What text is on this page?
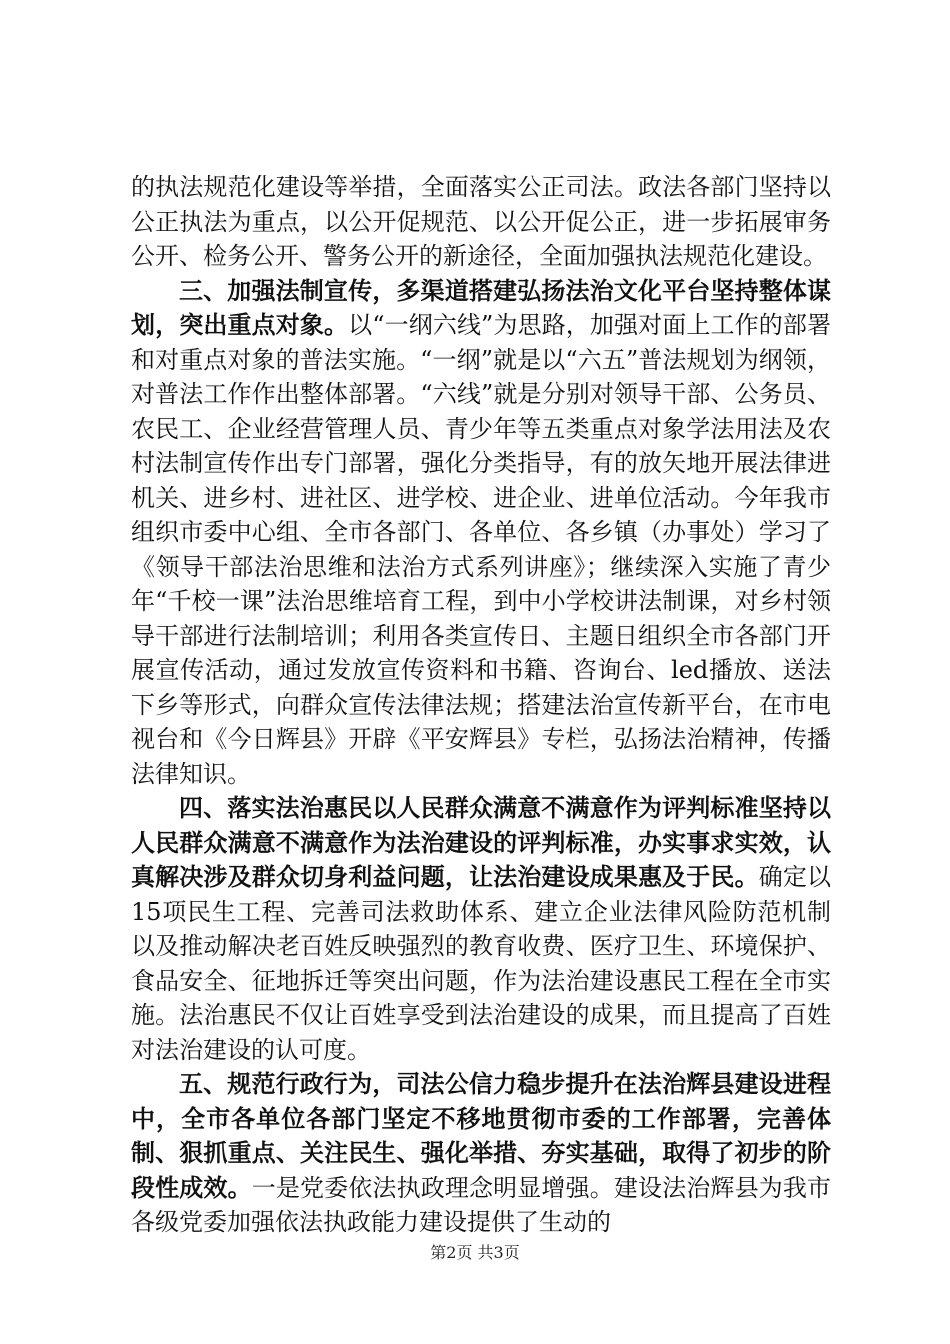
的执法规范化建设等举措，全面落实公正司法。政法各部门坚持以公正执法为重点，以公开促规范、以公开促公正，进一步拓展审务公开、检务公开、警务公开的新途径，全面加强执法规范化建设。

三、加强法制宣传，多渠道搭建弘扬法治文化平台坚持整体谋划，突出重点对象。以“一纲六线”为思路，加强对面上工作的部署和对重点对象的普法实施。“一纲”就是以“六五”普法规划为纲领，对普法工作作出整体部署。“六线”就是分别对领导干部、公务员、农民工、企业经营管理人员、青少年等五类重点对象学法用法及农村法制宣传作出专门部署，强化分类指导，有的放矢地开展法律进机关、进乡村、进社区、进学校、进企业、进单位活动。今年我市组织市委中心组、全市各部门、各单位、各乡镇（办事处）学习了《领导干部法治思维和法治方式系列讲座》；继续深入实施了青少年“千校一课”法治思维培育工程，到中小学校讲法制课，对乡村领导干部进行法制培训；利用各类宣传日、主题日组织全市各部门开展宣传活动，通过发放宣传资料和书籍、咨询台、led播放、送法下乡等形式，向群众宣传法律法规；搭建法治宣传新平台，在市电视台和《今日辉县》开辟《平安辉县》专栏，弘扬法治精神，传播法律知识。

四、落实法治惠民以人民群众满意不满意作为评判标准坚持以人民群众满意不满意作为法治建设的评判标准，办实事求实效，认真解决涉及群众切身利益问题，让法治建设成果惠及于民。确定以15项民生工程、完善司法救助体系、建立企业法律风险防范机制以及推动解决老百姓反映强烈的教育收费、医疗卫生、环境保护、食品安全、征地拆迁等突出问题，作为法治建设惠民工程在全市实施。法治惠民不仅让百姓享受到法治建设的成果，而且提高了百姓对法治建设的认可度。

五、规范行政行为，司法公信力稳步提升在法治辉县建设进程中，全市各单位各部门坚定不移地贯彻市委的工作部署，完善体制、狠抓重点、关注民生、强化举措、夯实基础，取得了初步的阶段性成效。一是党委依法执政理念明显增强。建设法治辉县为我市各级党委加强依法执政能力建设提供了生动的

第2页 共3页
